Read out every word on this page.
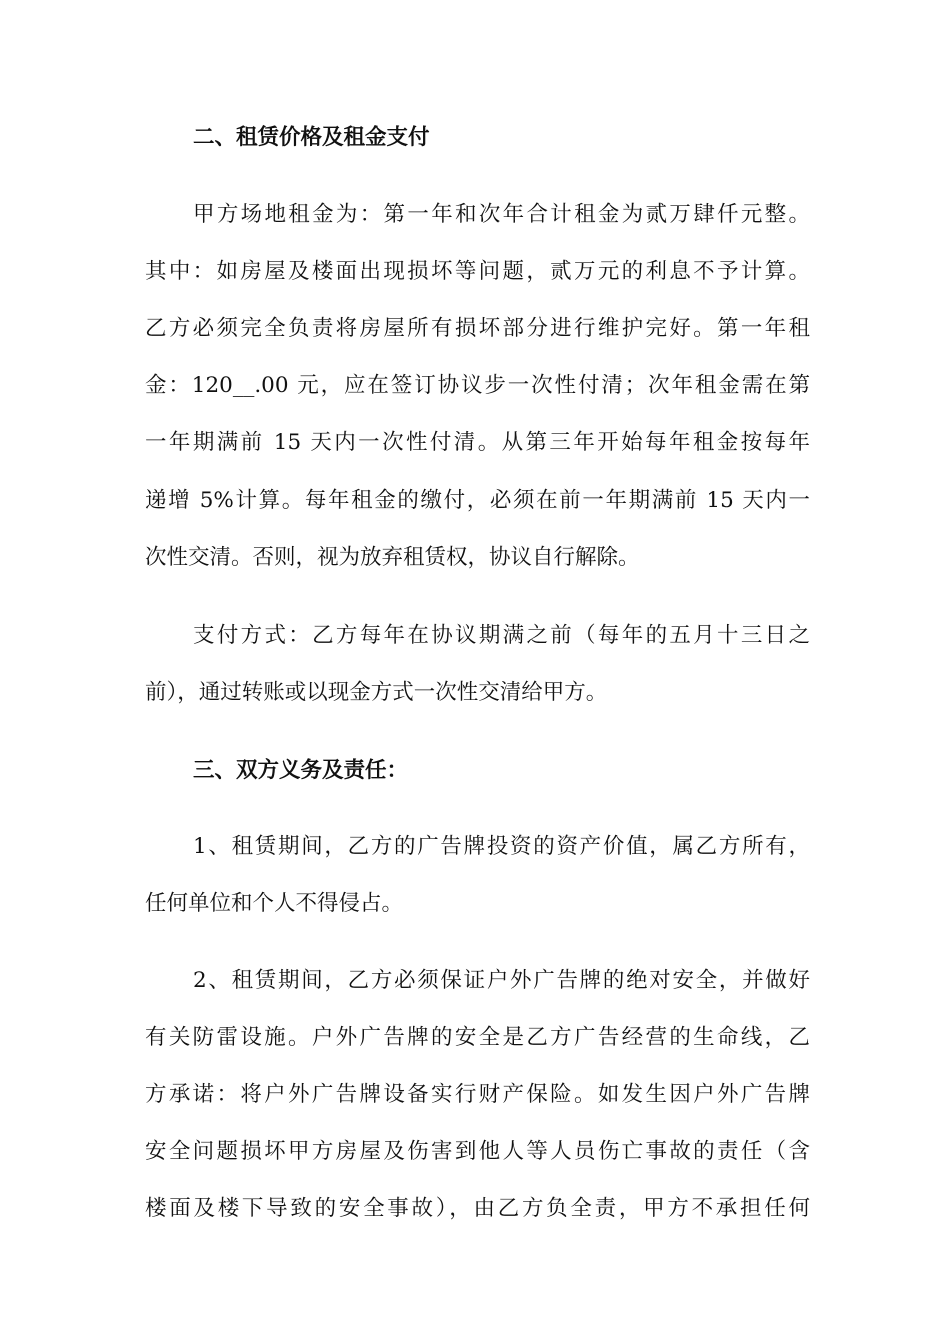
二、租赁价格及租金支付
甲方场地租金为：第一年和次年合计租金为贰万肆仟元整。
其中：如房屋及楼面出现损坏等问题，贰万元的利息不予计算。
乙方必须完全负责将房屋所有损坏部分进行维护完好。第一年租
金：120__.00 元，应在签订协议步一次性付清；次年租金需在第
一年期满前 15 天内一次性付清。从第三年开始每年租金按每年
递增 5%计算。每年租金的缴付，必须在前一年期满前 15 天内一
次性交清。否则，视为放弃租赁权，协议自行解除。
支付方式：乙方每年在协议期满之前（每年的五月十三日之
前），通过转账或以现金方式一次性交清给甲方。
三、双方义务及责任：
1、租赁期间，乙方的广告牌投资的资产价值，属乙方所有，
任何单位和个人不得侵占。
2、租赁期间，乙方必须保证户外广告牌的绝对安全，并做好
有关防雷设施。户外广告牌的安全是乙方广告经营的生命线，乙
方承诺：将户外广告牌设备实行财产保险。如发生因户外广告牌
安全问题损坏甲方房屋及伤害到他人等人员伤亡事故的责任（含
楼面及楼下导致的安全事故），由乙方负全责，甲方不承担任何
